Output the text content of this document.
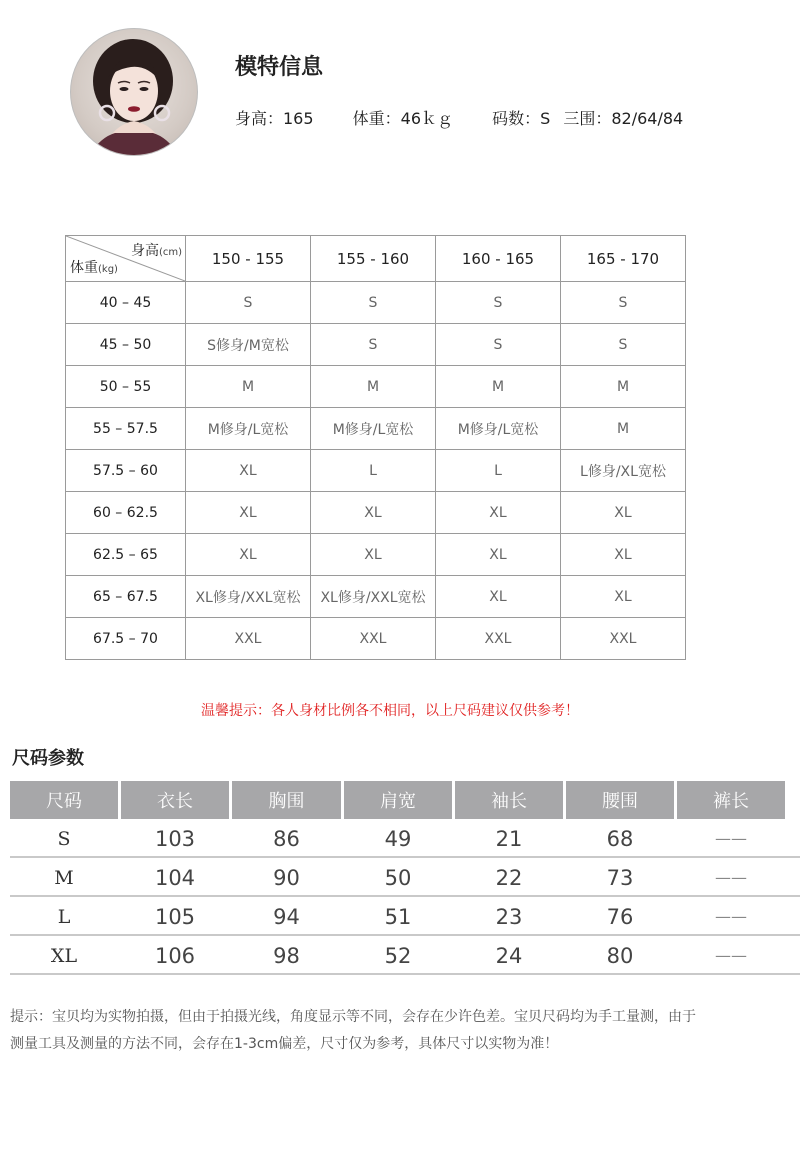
模特信息
身高：165 体重：46ｋｇ 码数：S 三围：82/64/84
身高(cm)
体重(kg)	150 - 155	155 - 160	160 - 165	165 - 170
40 – 45	S	S	S	S
45 – 50	S修身/M宽松	S	S	S
50 – 55	M	M	M	M
55 – 57.5	M修身/L宽松	M修身/L宽松	M修身/L宽松	M
57.5 – 60	XL	L	L	L修身/XL宽松
60 – 62.5	XL	XL	XL	XL
62.5 – 65	XL	XL	XL	XL
65 – 67.5	XL修身/XXL宽松	XL修身/XXL宽松	XL	XL
67.5 – 70	XXL	XXL	XXL	XXL
温馨提示：各人身材比例各不相同，以上尺码建议仅供参考！
尺码参数
尺码	衣长	胸围	肩宽	袖长	腰围	裤长
S	103	86	49	21	68	——
M	104	90	50	22	73	——
L	105	94	51	23	76	——
XL	106	98	52	24	80	——
提示：宝贝均为实物拍摄，但由于拍摄光线，角度显示等不同，会存在少许色差。宝贝尺码均为手工量测，由于
测量工具及测量的方法不同，会存在1-3cm偏差，尺寸仅为参考，具体尺寸以实物为准！
